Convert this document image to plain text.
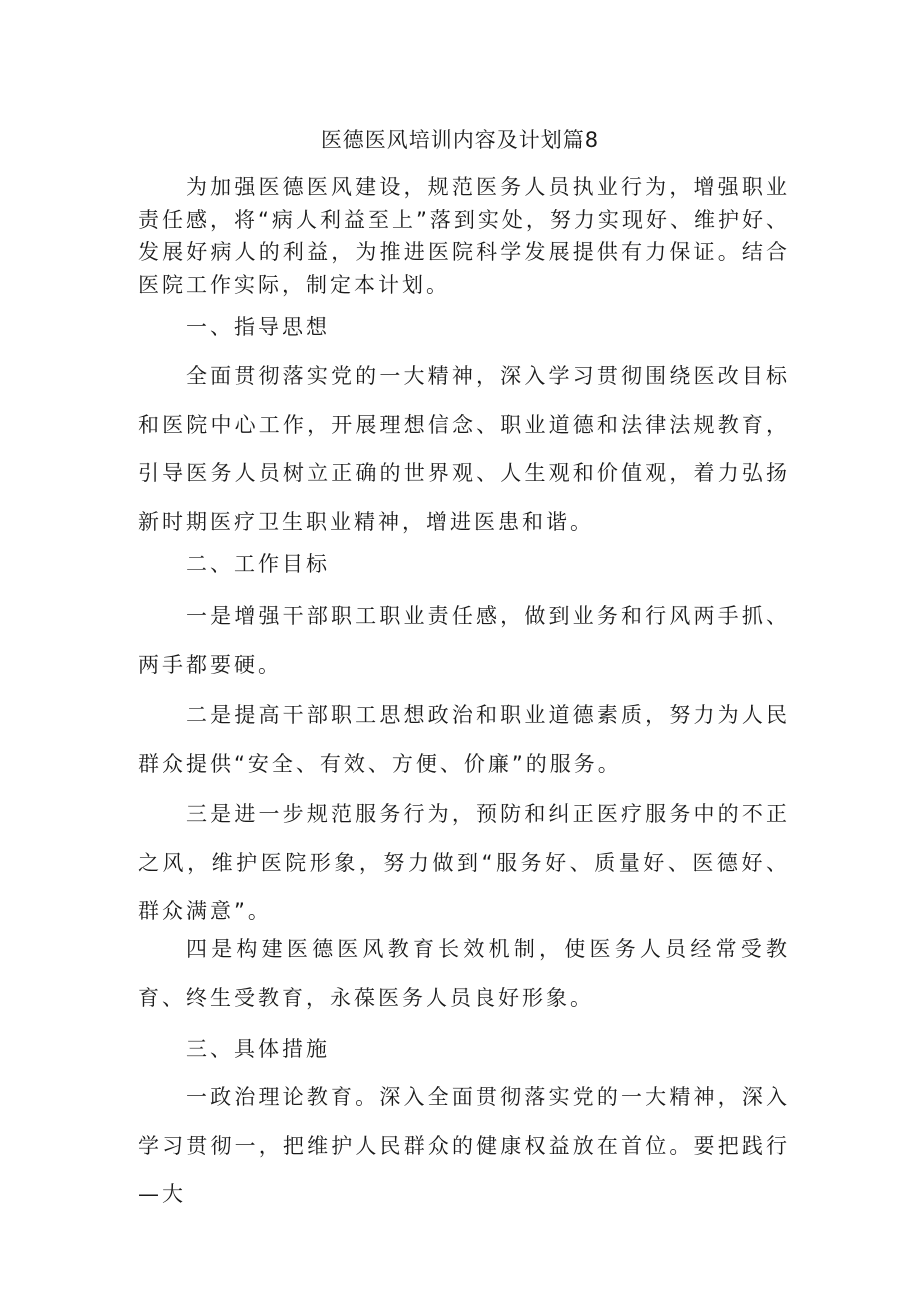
医德医风培训内容及计划篇8

为加强医德医风建设，规范医务人员执业行为，增强职业责任感，将“病人利益至上”落到实处，努力实现好、维护好、发展好病人的利益，为推进医院科学发展提供有力保证。结合医院工作实际，制定本计划。

一、指导思想

全面贯彻落实党的一大精神，深入学习贯彻围绕医改目标和医院中心工作，开展理想信念、职业道德和法律法规教育，引导医务人员树立正确的世界观、人生观和价值观，着力弘扬新时期医疗卫生职业精神，增进医患和谐。

二、工作目标

一是增强干部职工职业责任感，做到业务和行风两手抓、两手都要硬。

二是提高干部职工思想政治和职业道德素质，努力为人民群众提供“安全、有效、方便、价廉”的服务。

三是进一步规范服务行为，预防和纠正医疗服务中的不正之风，维护医院形象，努力做到“服务好、质量好、医德好、群众满意”。

四是构建医德医风教育长效机制，使医务人员经常受教育、终生受教育，永葆医务人员良好形象。

三、具体措施

一政治理论教育。深入全面贯彻落实党的一大精神，深入学习贯彻一，把维护人民群众的健康权益放在首位。要把践行—大
